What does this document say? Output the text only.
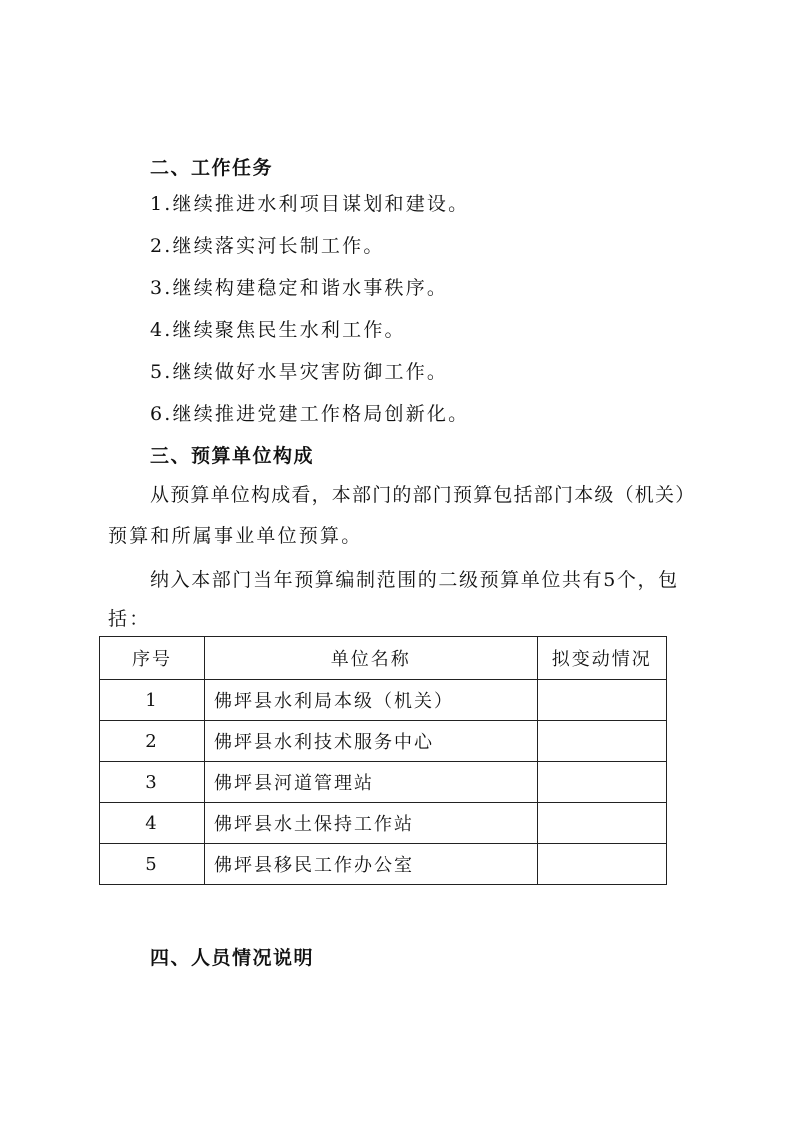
二、工作任务
1.继续推进水利项目谋划和建设。
2.继续落实河长制工作。
3.继续构建稳定和谐水事秩序。
4.继续聚焦民生水利工作。
5.继续做好水旱灾害防御工作。
6.继续推进党建工作格局创新化。
三、预算单位构成
从预算单位构成看，本部门的部门预算包括部门本级（机关）
预算和所属事业单位预算。
纳入本部门当年预算编制范围的二级预算单位共有5个，包
括：
序号	单位名称	拟变动情况
1	佛坪县水利局本级（机关）	
2	佛坪县水利技术服务中心	
3	佛坪县河道管理站	
4	佛坪县水土保持工作站	
5	佛坪县移民工作办公室	
四、人员情况说明
